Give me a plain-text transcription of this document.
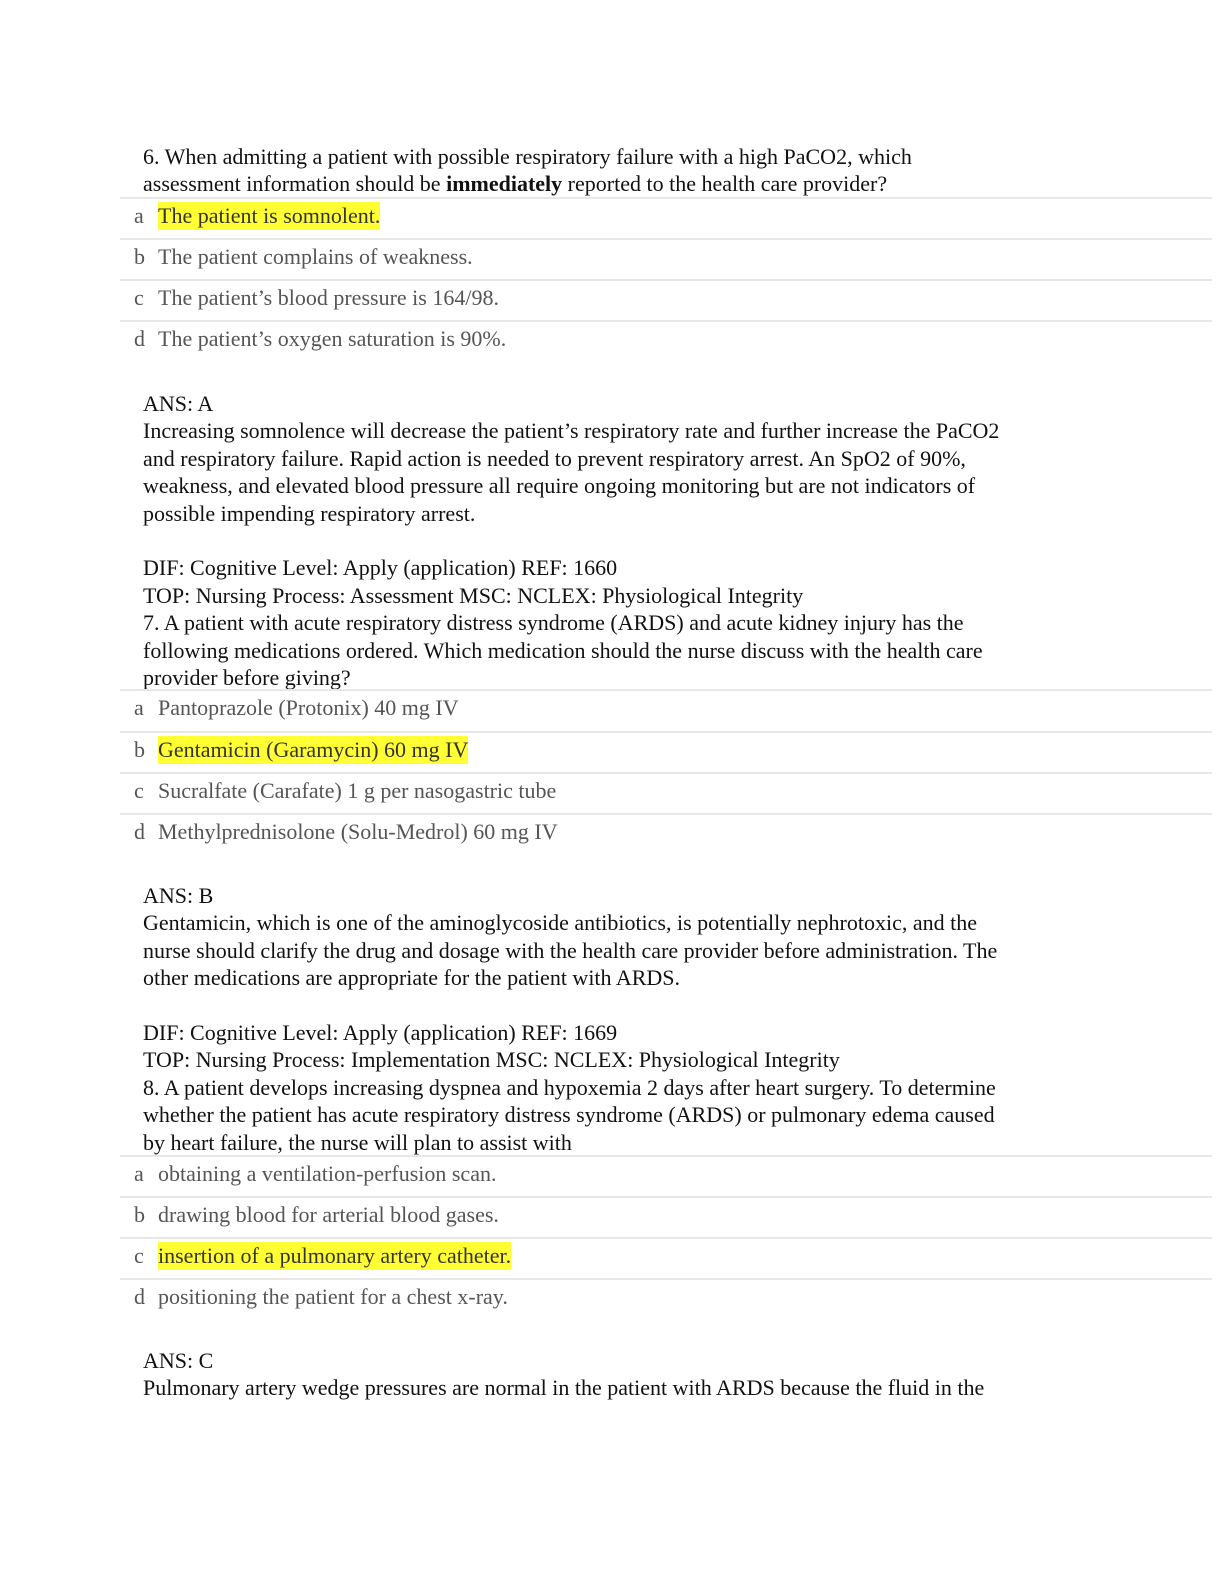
6. When admitting a patient with possible respiratory failure with a high PaCO2, which
assessment information should be immediately reported to the health care provider?
a The patient is somnolent.
b The patient complains of weakness.
c The patient’s blood pressure is 164/98.
d The patient’s oxygen saturation is 90%.
ANS: A
Increasing somnolence will decrease the patient’s respiratory rate and further increase the PaCO2
and respiratory failure. Rapid action is needed to prevent respiratory arrest. An SpO2 of 90%,
weakness, and elevated blood pressure all require ongoing monitoring but are not indicators of
possible impending respiratory arrest.

DIF: Cognitive Level: Apply (application) REF: 1660
TOP: Nursing Process: Assessment MSC: NCLEX: Physiological Integrity
7. A patient with acute respiratory distress syndrome (ARDS) and acute kidney injury has the
following medications ordered. Which medication should the nurse discuss with the health care
provider before giving?
a Pantoprazole (Protonix) 40 mg IV
b Gentamicin (Garamycin) 60 mg IV
c Sucralfate (Carafate) 1 g per nasogastric tube
d Methylprednisolone (Solu-Medrol) 60 mg IV
ANS: B
Gentamicin, which is one of the aminoglycoside antibiotics, is potentially nephrotoxic, and the
nurse should clarify the drug and dosage with the health care provider before administration. The
other medications are appropriate for the patient with ARDS.

DIF: Cognitive Level: Apply (application) REF: 1669
TOP: Nursing Process: Implementation MSC: NCLEX: Physiological Integrity
8. A patient develops increasing dyspnea and hypoxemia 2 days after heart surgery. To determine
whether the patient has acute respiratory distress syndrome (ARDS) or pulmonary edema caused
by heart failure, the nurse will plan to assist with
a obtaining a ventilation-perfusion scan.
b drawing blood for arterial blood gases.
c insertion of a pulmonary artery catheter.
d positioning the patient for a chest x-ray.
ANS: C
Pulmonary artery wedge pressures are normal in the patient with ARDS because the fluid in the
